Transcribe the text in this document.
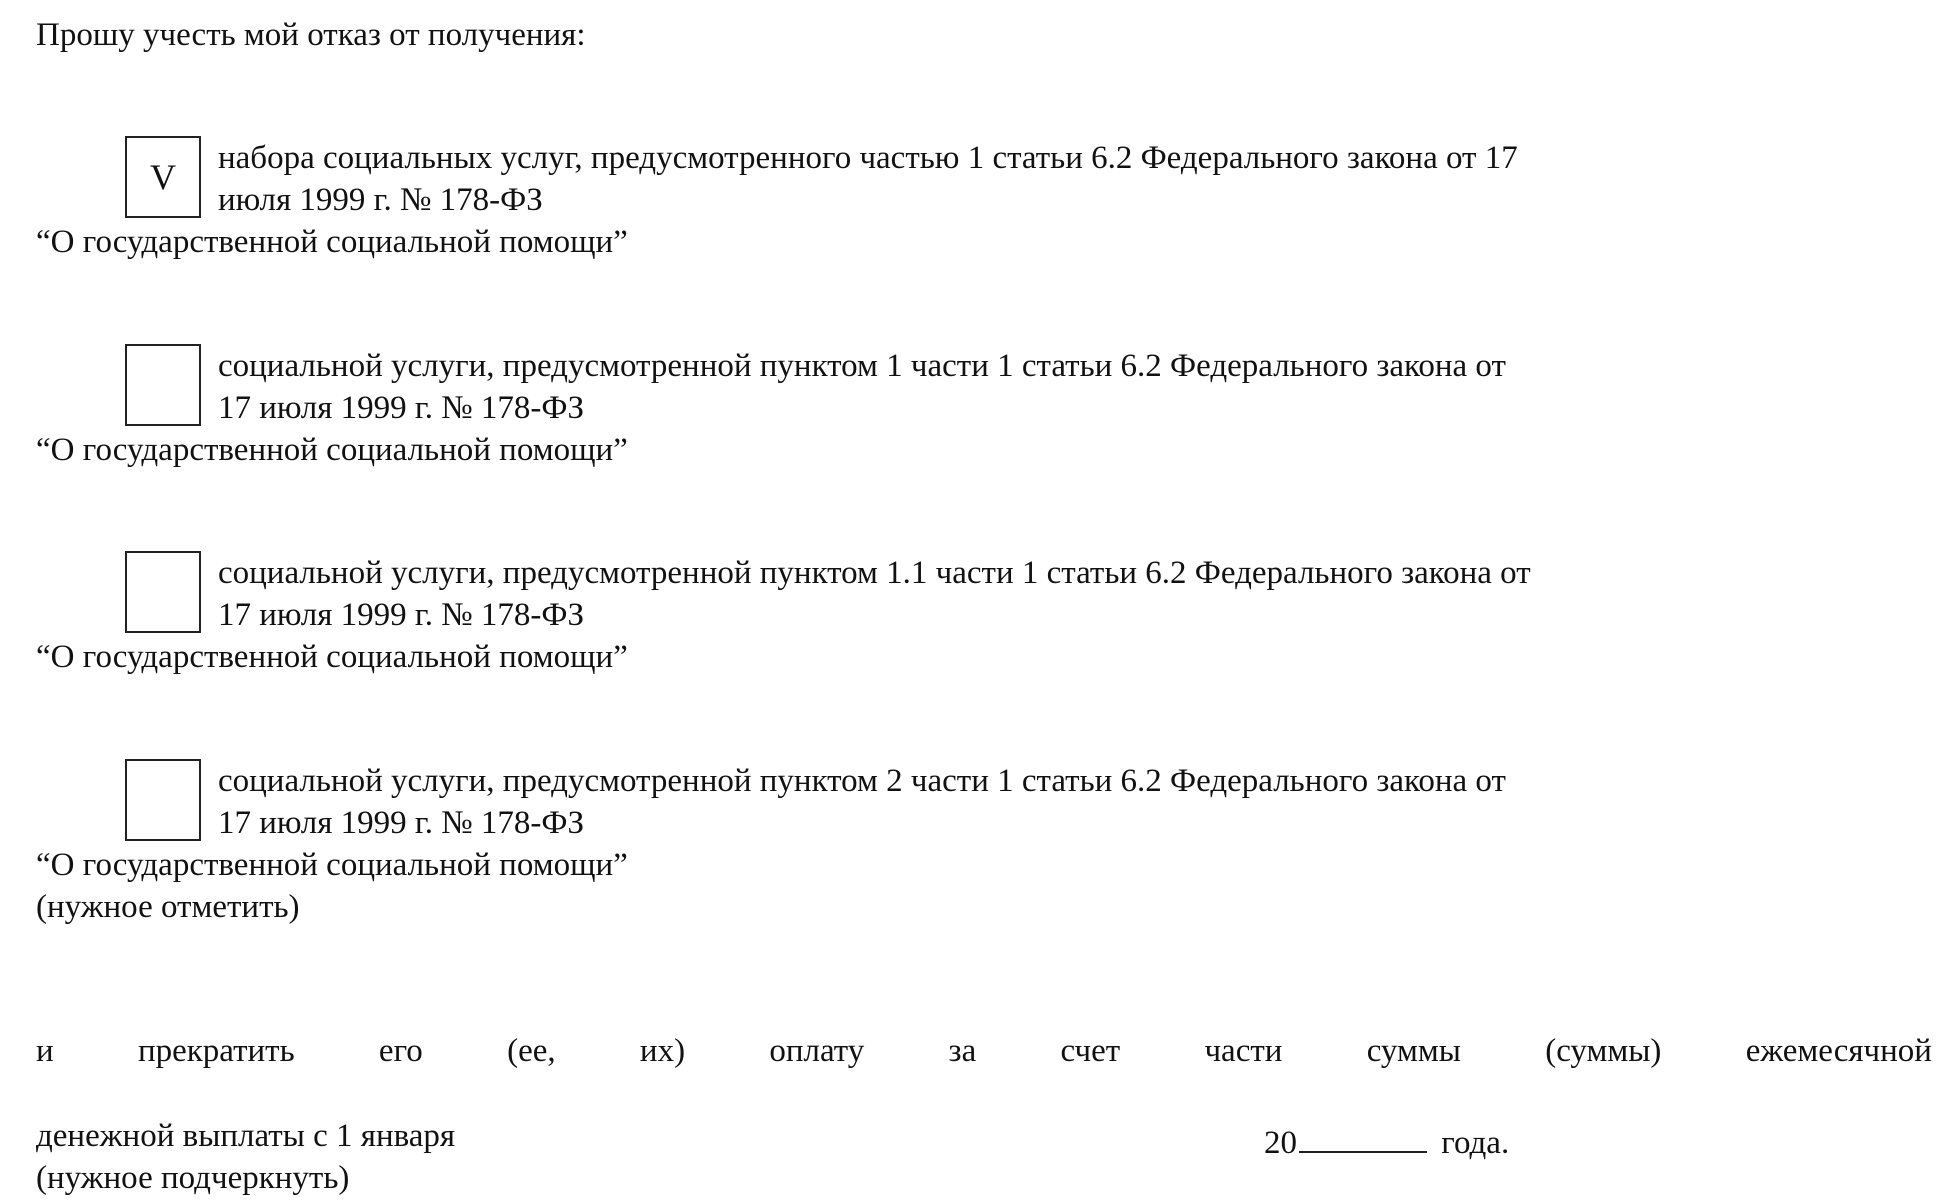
Прошу учесть мой отказ от получения:
V	набора социальных услуг, предусмотренного частью 1 статьи 6.2 Федерального закона от 17
июля 1999 г. № 178-ФЗ
“О государственной социальной помощи”
социальной услуги, предусмотренной пунктом 1 части 1 статьи 6.2 Федерального закона от
17 июля 1999 г. № 178-ФЗ
“О государственной социальной помощи”
социальной услуги, предусмотренной пунктом 1.1 части 1 статьи 6.2 Федерального закона от
17 июля 1999 г. № 178-ФЗ
“О государственной социальной помощи”
социальной услуги, предусмотренной пунктом 2 части 1 статьи 6.2 Федерального закона от
17 июля 1999 г. № 178-ФЗ
“О государственной социальной помощи”
(нужное отметить)
и	прекратить	его	(ее,	их)	оплату	за	счет	части	суммы	(суммы)	ежемесячной
денежной выплаты с 1 января	20	года.
(нужное подчеркнуть)
